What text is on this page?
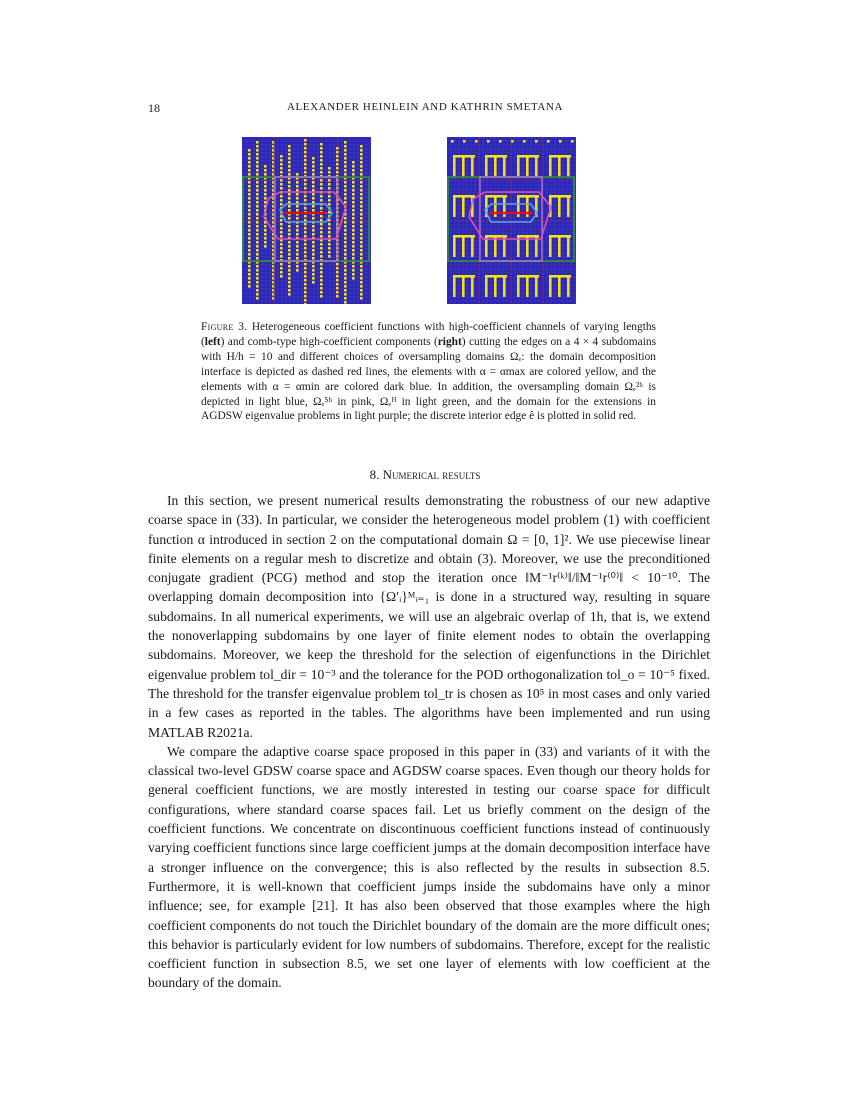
18	ALEXANDER HEINLEIN AND KATHRIN SMETANA
Figure 3. Heterogeneous coefficient functions with high-coefficient channels of varying lengths (left) and comb-type high-coefficient components (right) cutting the edges on a 4 × 4 subdomains with H/h = 10 and different choices of oversampling domains Ωₑ: the domain decomposition interface is depicted as dashed red lines, the elements with α = αmax are colored yellow, and the elements with α = αmin are colored dark blue. In addition, the oversampling domain Ωₑ²ʰ is depicted in light blue, Ωₑ⁵ʰ in pink, Ωₑᴴ in light green, and the domain for the extensions in AGDSW eigenvalue problems in light purple; the discrete interior edge ê is plotted in solid red.
8. Numerical results

In this section, we present numerical results demonstrating the robustness of our new adaptive coarse space in (33). In particular, we consider the heterogeneous model problem (1) with coefficient function α introduced in section 2 on the computational domain Ω = [0, 1]². We use piecewise linear finite elements on a regular mesh to discretize and obtain (3). Moreover, we use the preconditioned conjugate gradient (PCG) method and stop the iteration once ‖M⁻¹r⁽ᵏ⁾‖/‖M⁻¹r⁽⁰⁾‖ < 10⁻¹⁰. The overlapping domain decomposition into {Ω′ᵢ}ᴹᵢ₌₁ is done in a structured way, resulting in square subdomains. In all numerical experiments, we will use an algebraic overlap of 1h, that is, we extend the nonoverlapping subdomains by one layer of finite element nodes to obtain the overlapping subdomains. Moreover, we keep the threshold for the selection of eigenfunctions in the Dirichlet eigenvalue problem tol_dir = 10⁻³ and the tolerance for the POD orthogonalization tol_o = 10⁻⁵ fixed. The threshold for the transfer eigenvalue problem tol_tr is chosen as 10⁵ in most cases and only varied in a few cases as reported in the tables. The algorithms have been implemented and run using MATLAB R2021a.

We compare the adaptive coarse space proposed in this paper in (33) and variants of it with the classical two-level GDSW coarse space and AGDSW coarse spaces. Even though our theory holds for general coefficient functions, we are mostly interested in testing our coarse space for difficult configurations, where standard coarse spaces fail. Let us briefly comment on the design of the coefficient functions. We concentrate on discontinuous coefficient functions instead of continuously varying coefficient functions since large coefficient jumps at the domain decomposition interface have a stronger influence on the convergence; this is also reflected by the results in subsection 8.5. Furthermore, it is well-known that coefficient jumps inside the subdomains have only a minor influence; see, for example [21]. It has also been observed that those examples where the high coefficient components do not touch the Dirichlet boundary of the domain are the more difficult ones; this behavior is particularly evident for low numbers of subdomains. Therefore, except for the realistic coefficient function in subsection 8.5, we set one layer of elements with low coefficient at the boundary of the domain.
